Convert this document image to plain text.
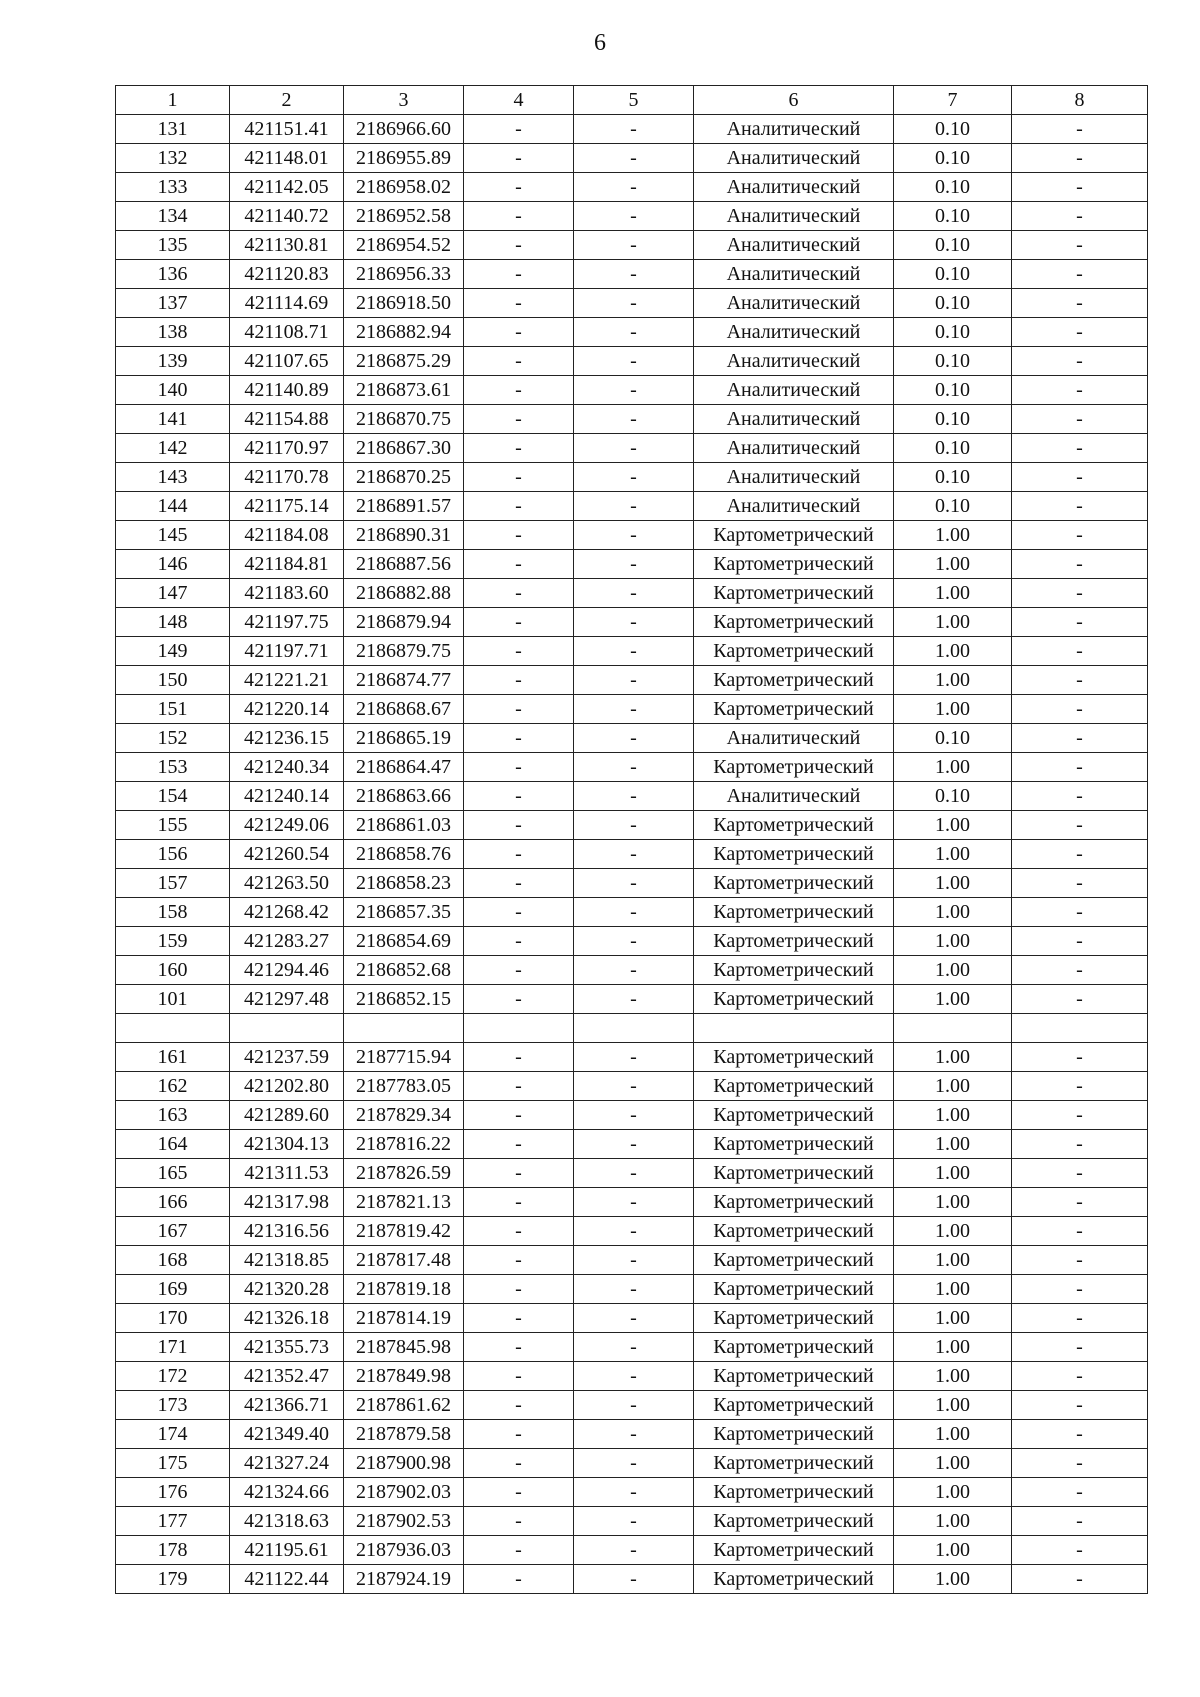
6
1	2	3	4	5	6	7	8
131	421151.41	2186966.60	-	-	Аналитический	0.10	-
132	421148.01	2186955.89	-	-	Аналитический	0.10	-
133	421142.05	2186958.02	-	-	Аналитический	0.10	-
134	421140.72	2186952.58	-	-	Аналитический	0.10	-
135	421130.81	2186954.52	-	-	Аналитический	0.10	-
136	421120.83	2186956.33	-	-	Аналитический	0.10	-
137	421114.69	2186918.50	-	-	Аналитический	0.10	-
138	421108.71	2186882.94	-	-	Аналитический	0.10	-
139	421107.65	2186875.29	-	-	Аналитический	0.10	-
140	421140.89	2186873.61	-	-	Аналитический	0.10	-
141	421154.88	2186870.75	-	-	Аналитический	0.10	-
142	421170.97	2186867.30	-	-	Аналитический	0.10	-
143	421170.78	2186870.25	-	-	Аналитический	0.10	-
144	421175.14	2186891.57	-	-	Аналитический	0.10	-
145	421184.08	2186890.31	-	-	Картометрический	1.00	-
146	421184.81	2186887.56	-	-	Картометрический	1.00	-
147	421183.60	2186882.88	-	-	Картометрический	1.00	-
148	421197.75	2186879.94	-	-	Картометрический	1.00	-
149	421197.71	2186879.75	-	-	Картометрический	1.00	-
150	421221.21	2186874.77	-	-	Картометрический	1.00	-
151	421220.14	2186868.67	-	-	Картометрический	1.00	-
152	421236.15	2186865.19	-	-	Аналитический	0.10	-
153	421240.34	2186864.47	-	-	Картометрический	1.00	-
154	421240.14	2186863.66	-	-	Аналитический	0.10	-
155	421249.06	2186861.03	-	-	Картометрический	1.00	-
156	421260.54	2186858.76	-	-	Картометрический	1.00	-
157	421263.50	2186858.23	-	-	Картометрический	1.00	-
158	421268.42	2186857.35	-	-	Картометрический	1.00	-
159	421283.27	2186854.69	-	-	Картометрический	1.00	-
160	421294.46	2186852.68	-	-	Картометрический	1.00	-
101	421297.48	2186852.15	-	-	Картометрический	1.00	-

161	421237.59	2187715.94	-	-	Картометрический	1.00	-
162	421202.80	2187783.05	-	-	Картометрический	1.00	-
163	421289.60	2187829.34	-	-	Картометрический	1.00	-
164	421304.13	2187816.22	-	-	Картометрический	1.00	-
165	421311.53	2187826.59	-	-	Картометрический	1.00	-
166	421317.98	2187821.13	-	-	Картометрический	1.00	-
167	421316.56	2187819.42	-	-	Картометрический	1.00	-
168	421318.85	2187817.48	-	-	Картометрический	1.00	-
169	421320.28	2187819.18	-	-	Картометрический	1.00	-
170	421326.18	2187814.19	-	-	Картометрический	1.00	-
171	421355.73	2187845.98	-	-	Картометрический	1.00	-
172	421352.47	2187849.98	-	-	Картометрический	1.00	-
173	421366.71	2187861.62	-	-	Картометрический	1.00	-
174	421349.40	2187879.58	-	-	Картометрический	1.00	-
175	421327.24	2187900.98	-	-	Картометрический	1.00	-
176	421324.66	2187902.03	-	-	Картометрический	1.00	-
177	421318.63	2187902.53	-	-	Картометрический	1.00	-
178	421195.61	2187936.03	-	-	Картометрический	1.00	-
179	421122.44	2187924.19	-	-	Картометрический	1.00	-
